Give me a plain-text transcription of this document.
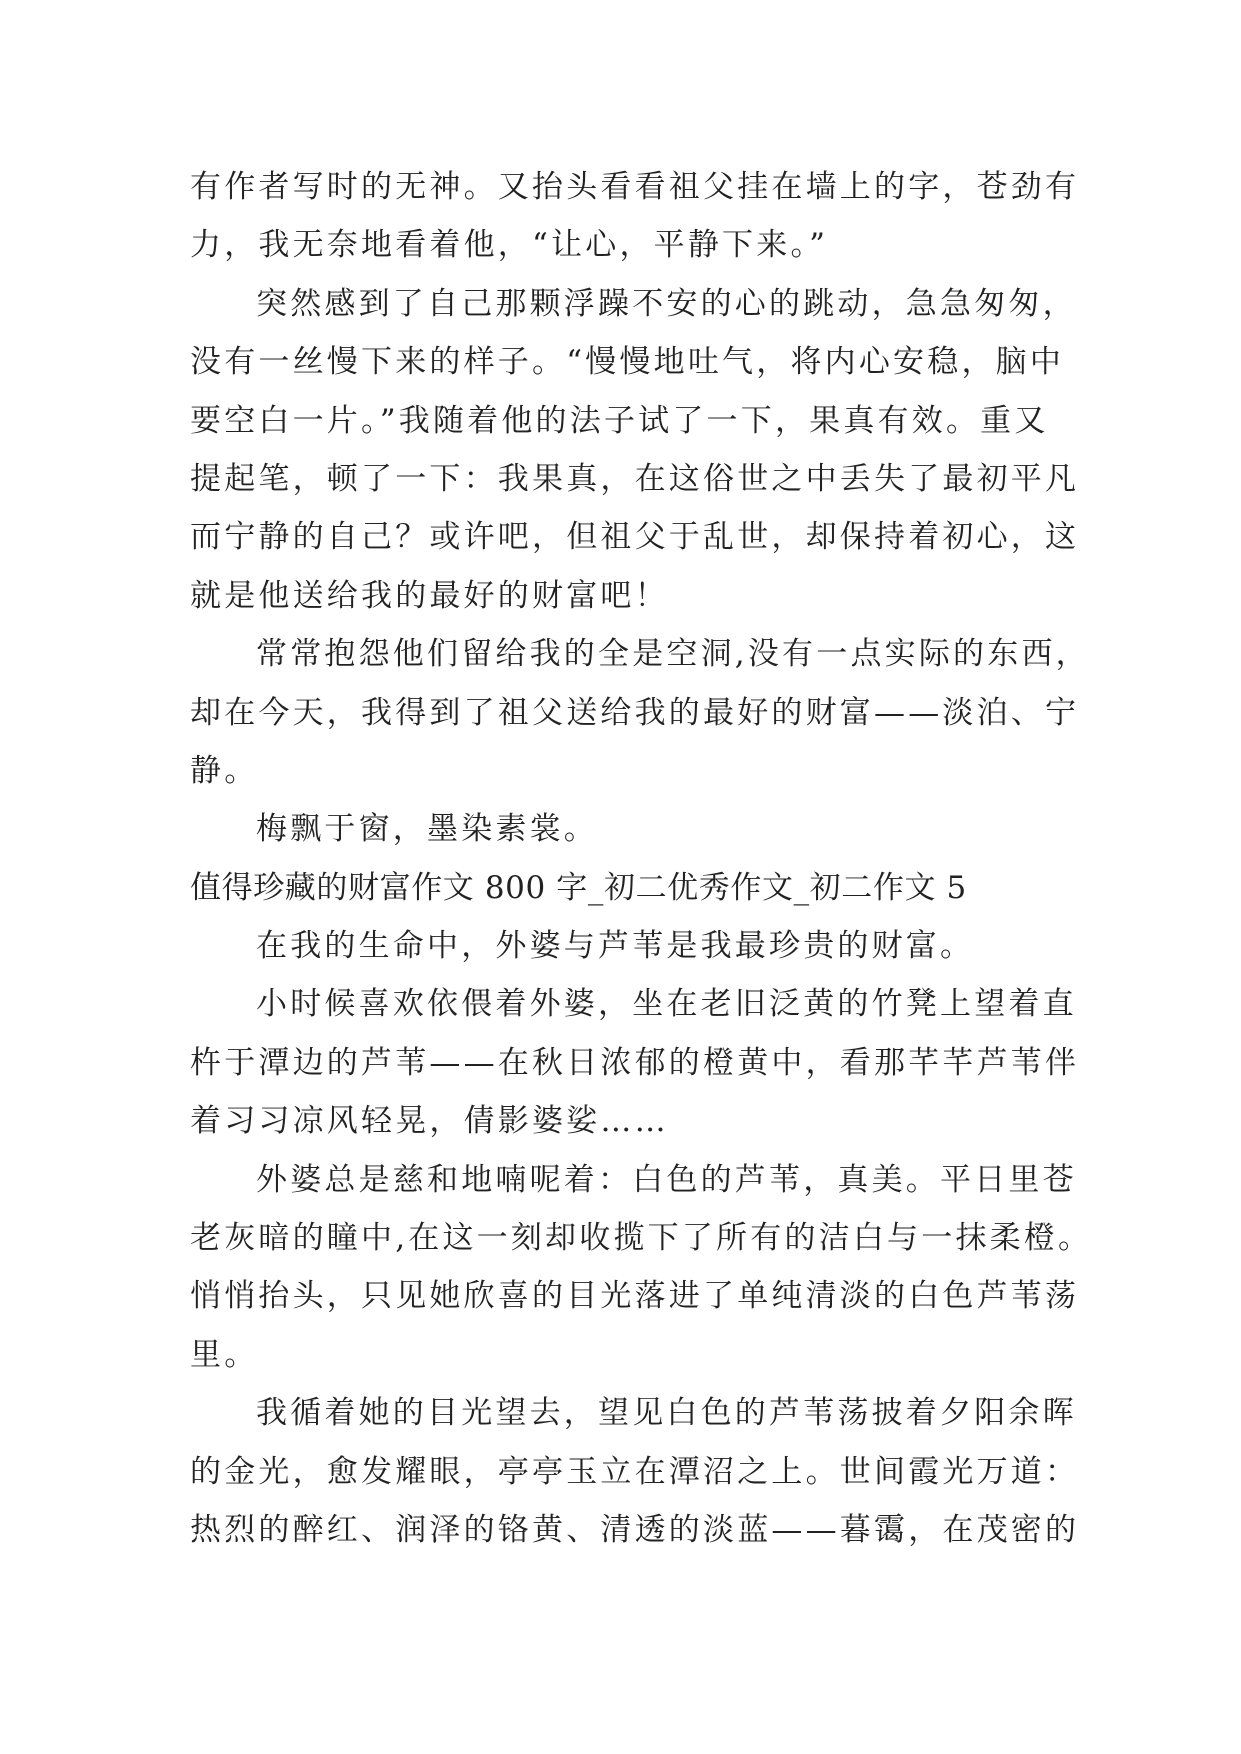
有作者写时的无神。又抬头看看祖父挂在墙上的字，苍劲有
力，我无奈地看着他，“让心，平静下来。”
突然感到了自己那颗浮躁不安的心的跳动，急急匆匆，
没有一丝慢下来的样子。“慢慢地吐气，将内心安稳，脑中
要空白一片。”我随着他的法子试了一下，果真有效。重又
提起笔，顿了一下：我果真，在这俗世之中丢失了最初平凡
而宁静的自己？或许吧，但祖父于乱世，却保持着初心，这
就是他送给我的最好的财富吧！
常常抱怨他们留给我的全是空洞,没有一点实际的东西，
却在今天，我得到了祖父送给我的最好的财富——淡泊、宁
静。
梅飘于窗，墨染素裳。
值得珍藏的财富作文 800 字_初二优秀作文_初二作文 5
在我的生命中，外婆与芦苇是我最珍贵的财富。
小时候喜欢依偎着外婆，坐在老旧泛黄的竹凳上望着直
杵于潭边的芦苇——在秋日浓郁的橙黄中，看那芊芊芦苇伴
着习习凉风轻晃，倩影婆娑……
外婆总是慈和地喃呢着：白色的芦苇，真美。平日里苍
老灰暗的瞳中,在这一刻却收揽下了所有的洁白与一抹柔橙。
悄悄抬头，只见她欣喜的目光落进了单纯清淡的白色芦苇荡
里。
我循着她的目光望去，望见白色的芦苇荡披着夕阳余晖
的金光，愈发耀眼，亭亭玉立在潭沼之上。世间霞光万道：
热烈的醉红、润泽的铬黄、清透的淡蓝——暮霭，在茂密的
